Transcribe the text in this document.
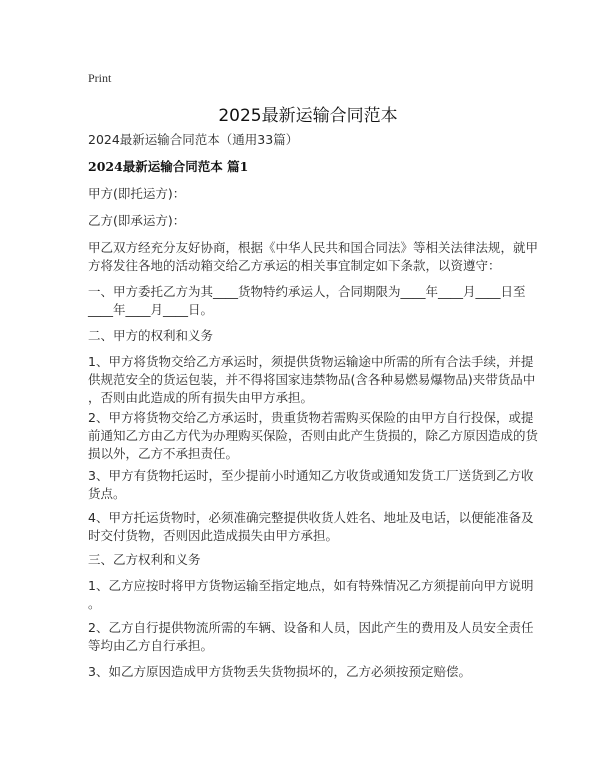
Print
2025最新运输合同范本
2024最新运输合同范本（通用33篇）
2024最新运输合同范本 篇1
甲方(即托运方)：
乙方(即承运方)：
甲乙双方经充分友好协商，根据《中华人民共和国合同法》等相关法律法规，就甲
方将发往各地的活动箱交给乙方承运的相关事宜制定如下条款，以资遵守：
一、甲方委托乙方为其____货物特约承运人，合同期限为____年____月____日至
____年____月____日。
二、甲方的权利和义务
1、甲方将货物交给乙方承运时，须提供货物运输途中所需的所有合法手续，并提
供规范安全的货运包装，并不得将国家违禁物品(含各种易燃易爆物品)夹带货品中
，否则由此造成的所有损失由甲方承担。
2、甲方将货物交给乙方承运时，贵重货物若需购买保险的由甲方自行投保，或提
前通知乙方由乙方代为办理购买保险，否则由此产生货损的，除乙方原因造成的货
损以外，乙方不承担责任。
3、甲方有货物托运时，至少提前小时通知乙方收货或通知发货工厂送货到乙方收
货点。
4、甲方托运货物时，必须准确完整提供收货人姓名、地址及电话，以便能准备及
时交付货物，否则因此造成损失由甲方承担。
三、乙方权利和义务
1、乙方应按时将甲方货物运输至指定地点，如有特殊情况乙方须提前向甲方说明
。
2、乙方自行提供物流所需的车辆、设备和人员，因此产生的费用及人员安全责任
等均由乙方自行承担。
3、如乙方原因造成甲方货物丢失货物损坏的，乙方必须按预定赔偿。
